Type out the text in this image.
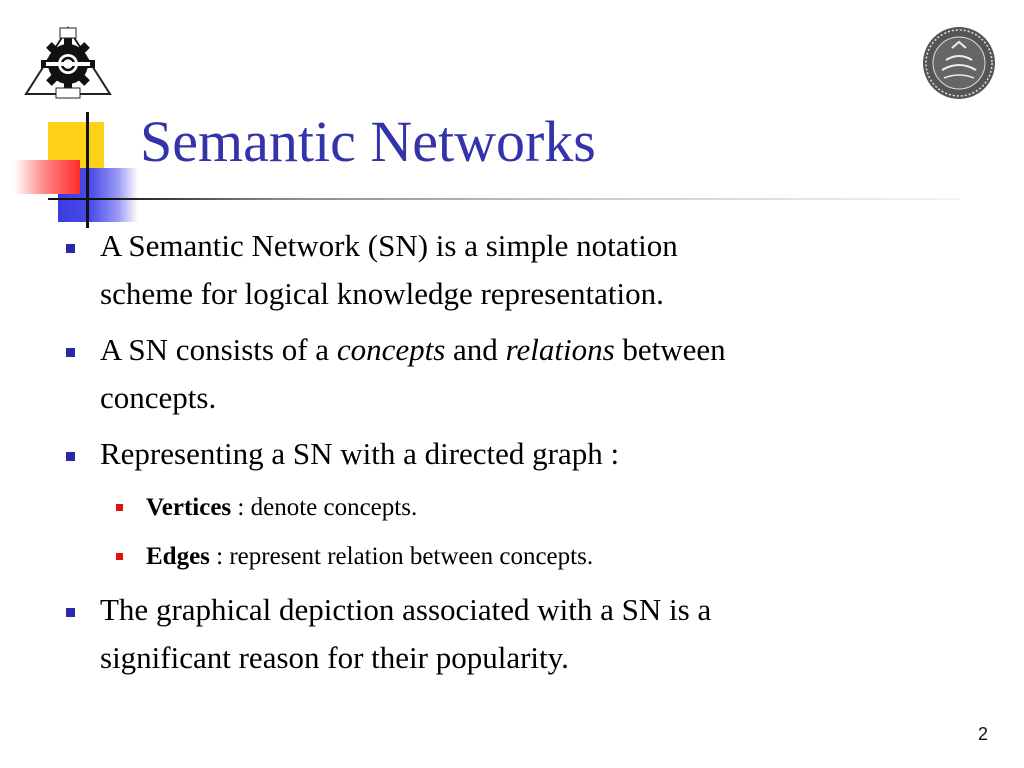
Semantic Networks
A Semantic Network (SN) is a simple notation
scheme for logical knowledge representation.
A SN consists of a concepts and relations between
concepts.
Representing a SN with a directed graph :
Vertices : denote concepts.
Edges : represent relation between concepts.
The graphical depiction associated with a SN is a
significant reason for their popularity.
2
